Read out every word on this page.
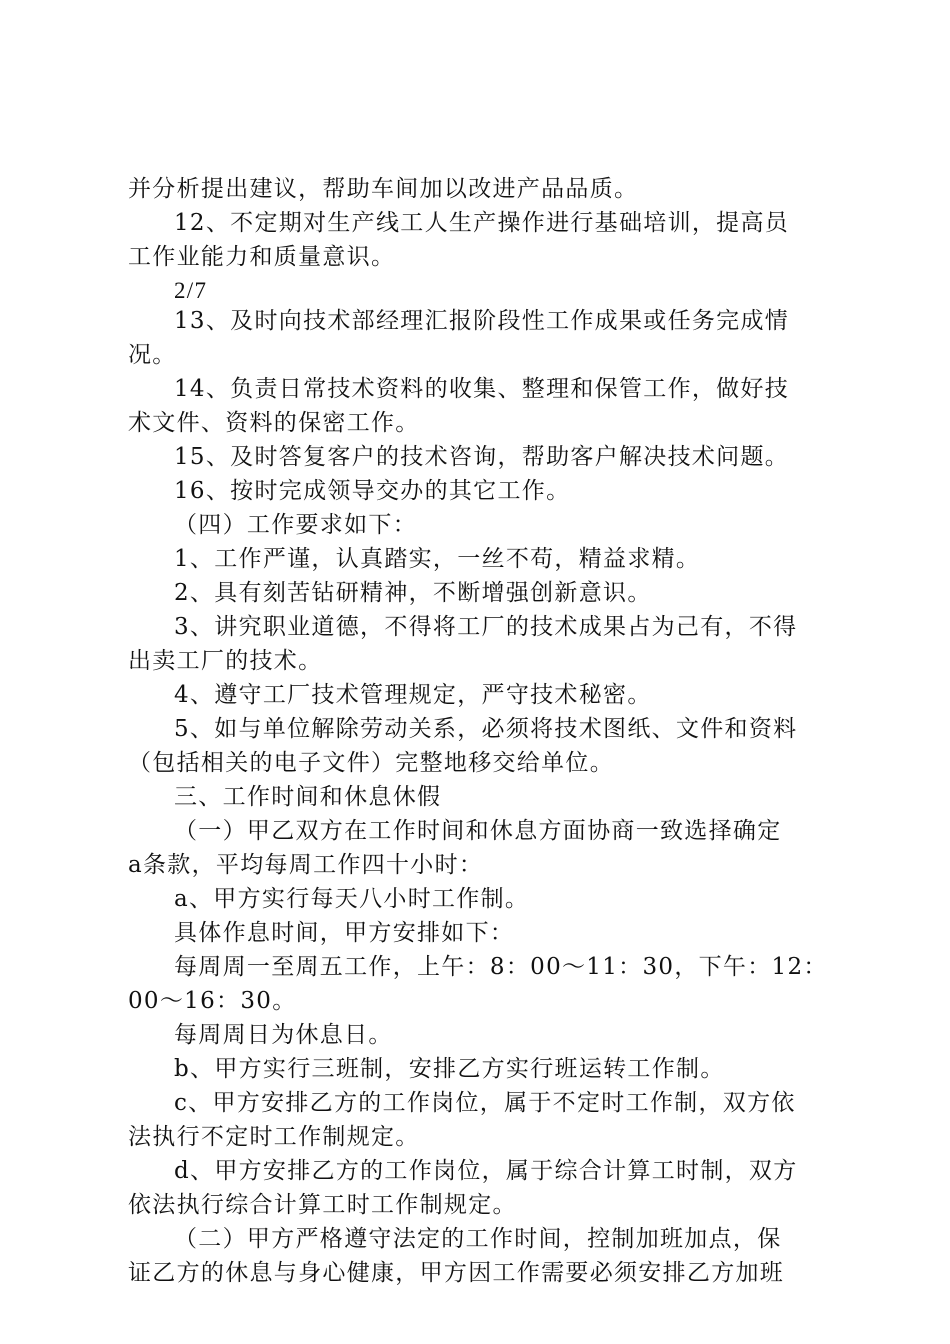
并分析提出建议，帮助车间加以改进产品品质。
12、不定期对生产线工人生产操作进行基础培训，提高员
工作业能力和质量意识。
2/7
13、及时向技术部经理汇报阶段性工作成果或任务完成情
况。
14、负责日常技术资料的收集、整理和保管工作，做好技
术文件、资料的保密工作。
15、及时答复客户的技术咨询，帮助客户解决技术问题。
16、按时完成领导交办的其它工作。
（四）工作要求如下：
1、工作严谨，认真踏实，一丝不苟，精益求精。
2、具有刻苦钻研精神，不断增强创新意识。
3、讲究职业道德，不得将工厂的技术成果占为己有，不得
出卖工厂的技术。
4、遵守工厂技术管理规定，严守技术秘密。
5、如与单位解除劳动关系，必须将技术图纸、文件和资料
（包括相关的电子文件）完整地移交给单位。
三、工作时间和休息休假
（一）甲乙双方在工作时间和休息方面协商一致选择确定
a条款，平均每周工作四十小时：
a、甲方实行每天八小时工作制。
具体作息时间，甲方安排如下：
每周周一至周五工作，上午：8：00～11：30，下午：12：
00～16：30。
每周周日为休息日。
b、甲方实行三班制，安排乙方实行班运转工作制。
c、甲方安排乙方的工作岗位，属于不定时工作制，双方依
法执行不定时工作制规定。
d、甲方安排乙方的工作岗位，属于综合计算工时制，双方
依法执行综合计算工时工作制规定。
（二）甲方严格遵守法定的工作时间，控制加班加点，保
证乙方的休息与身心健康，甲方因工作需要必须安排乙方加班
